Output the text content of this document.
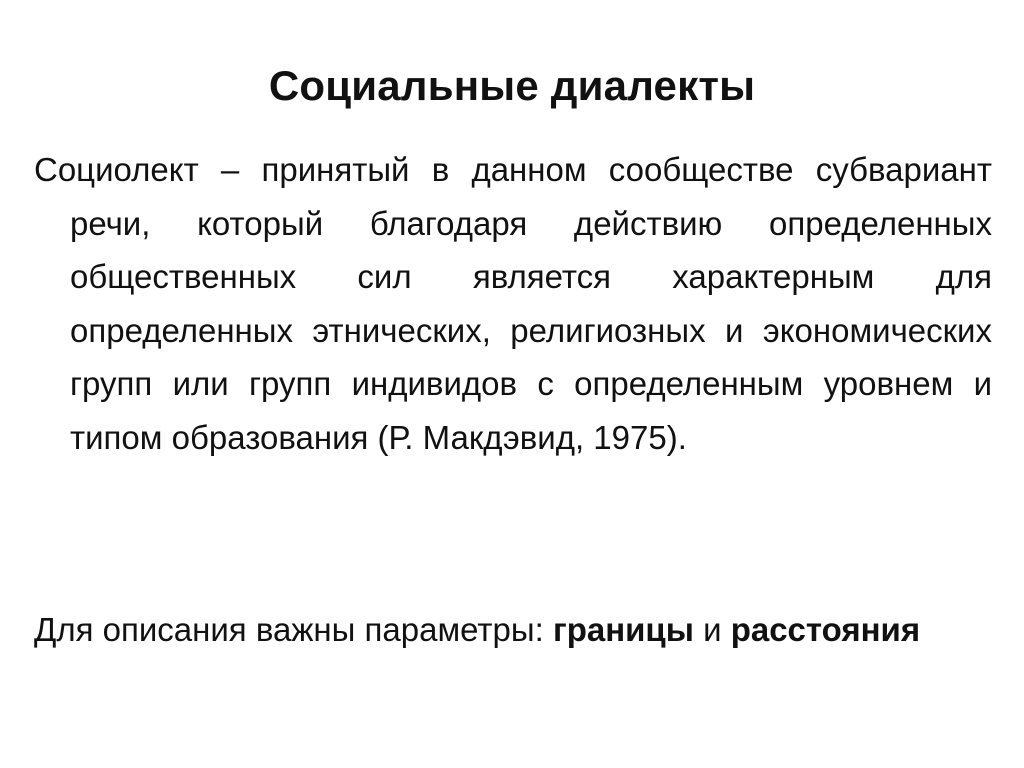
Социальные диалекты

Социолект – принятый в данном сообществе субвариант речи, который благодаря действию определенных общественных сил является характерным для определенных этнических, религиозных и экономических групп или групп индивидов с определенным уровнем и типом образования (Р. Макдэвид, 1975).

Для описания важны параметры: границы и расстояния
